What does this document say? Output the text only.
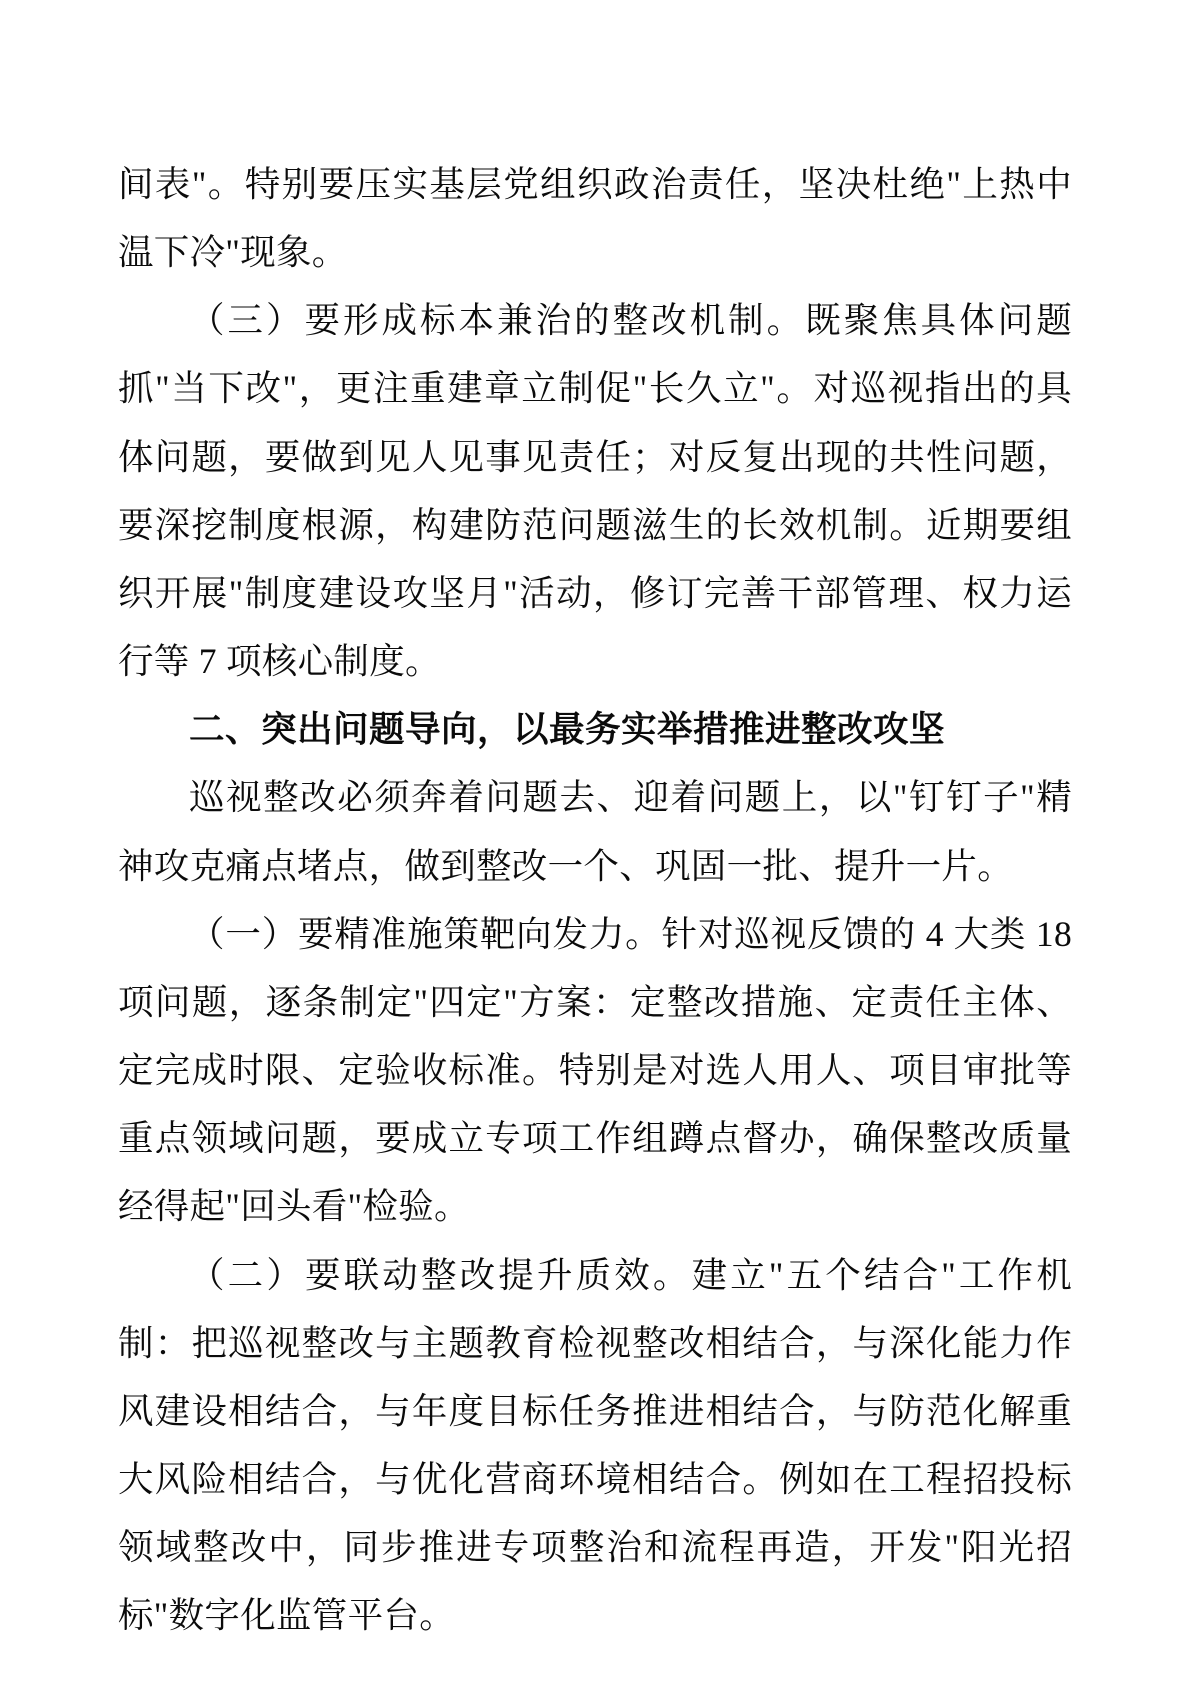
间表"。特别要压实基层党组织政治责任，坚决杜绝"上热中温下冷"现象。

（三）要形成标本兼治的整改机制。既聚焦具体问题抓"当下改"，更注重建章立制促"长久立"。对巡视指出的具体问题，要做到见人见事见责任；对反复出现的共性问题，要深挖制度根源，构建防范问题滋生的长效机制。近期要组织开展"制度建设攻坚月"活动，修订完善干部管理、权力运行等 7 项核心制度。

二、突出问题导向，以最务实举措推进整改攻坚

巡视整改必须奔着问题去、迎着问题上，以"钉钉子"精神攻克痛点堵点，做到整改一个、巩固一批、提升一片。

（一）要精准施策靶向发力。针对巡视反馈的 4 大类 18 项问题，逐条制定"四定"方案：定整改措施、定责任主体、定完成时限、定验收标准。特别是对选人用人、项目审批等重点领域问题，要成立专项工作组蹲点督办，确保整改质量经得起"回头看"检验。

（二）要联动整改提升质效。建立"五个结合"工作机制：把巡视整改与主题教育检视整改相结合，与深化能力作风建设相结合，与年度目标任务推进相结合，与防范化解重大风险相结合，与优化营商环境相结合。例如在工程招投标领域整改中，同步推进专项整治和流程再造，开发"阳光招标"数字化监管平台。
